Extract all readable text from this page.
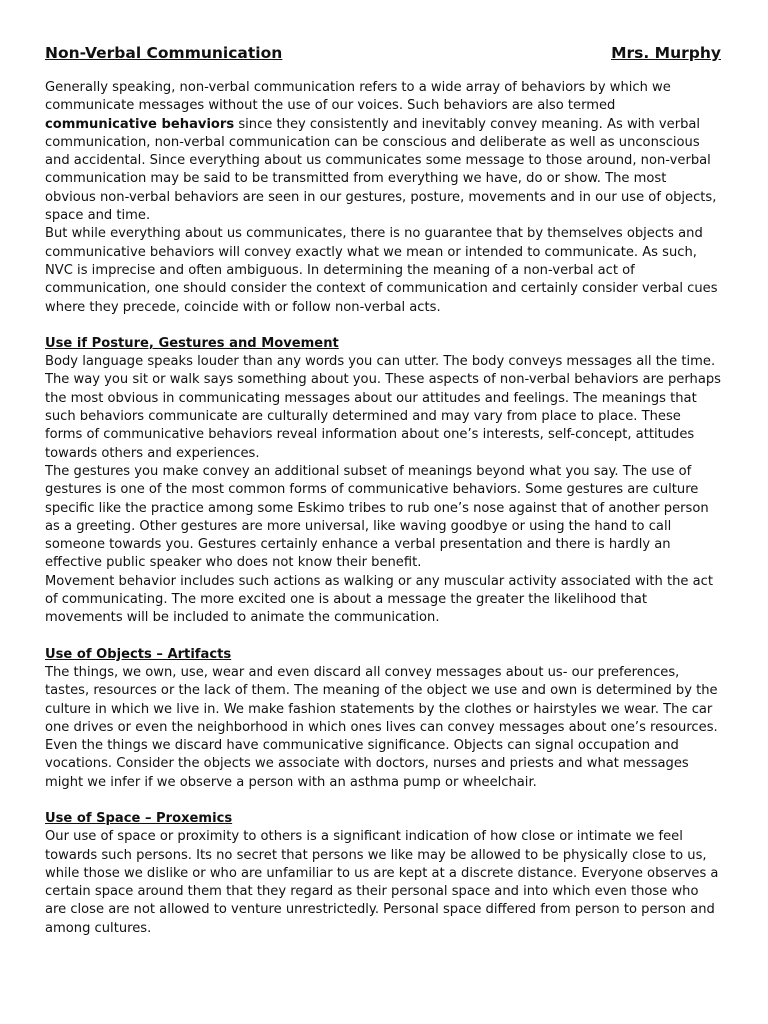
Non-Verbal Communication	Mrs. Murphy

Generally speaking, non-verbal communication refers to a wide array of behaviors by which we communicate messages without the use of our voices. Such behaviors are also termed communicative behaviors since they consistently and inevitably convey meaning. As with verbal communication, non-verbal communication can be conscious and deliberate as well as unconscious and accidental. Since everything about us communicates some message to those around, non-verbal communication may be said to be transmitted from everything we have, do or show. The most obvious non-verbal behaviors are seen in our gestures, posture, movements and in our use of objects, space and time.

But while everything about us communicates, there is no guarantee that by themselves objects and communicative behaviors will convey exactly what we mean or intended to communicate. As such, NVC is imprecise and often ambiguous. In determining the meaning of a non-verbal act of communication, one should consider the context of communication and certainly consider verbal cues where they precede, coincide with or follow non-verbal acts.

Use if Posture, Gestures and Movement

Body language speaks louder than any words you can utter. The body conveys messages all the time. The way you sit or walk says something about you. These aspects of non-verbal behaviors are perhaps the most obvious in communicating messages about our attitudes and feelings. The meanings that such behaviors communicate are culturally determined and may vary from place to place. These forms of communicative behaviors reveal information about one’s interests, self-concept, attitudes towards others and experiences.

The gestures you make convey an additional subset of meanings beyond what you say. The use of gestures is one of the most common forms of communicative behaviors. Some gestures are culture specific like the practice among some Eskimo tribes to rub one’s nose against that of another person as a greeting. Other gestures are more universal, like waving goodbye or using the hand to call someone towards you. Gestures certainly enhance a verbal presentation and there is hardly an effective public speaker who does not know their benefit.

Movement behavior includes such actions as walking or any muscular activity associated with the act of communicating. The more excited one is about a message the greater the likelihood that movements will be included to animate the communication.

Use of Objects – Artifacts

The things, we own, use, wear and even discard all convey messages about us- our preferences, tastes, resources or the lack of them. The meaning of the object we use and own is determined by the culture in which we live in. We make fashion statements by the clothes or hairstyles we wear. The car one drives or even the neighborhood in which ones lives can convey messages about one’s resources. Even the things we discard have communicative significance. Objects can signal occupation and vocations. Consider the objects we associate with doctors, nurses and priests and what messages might we infer if we observe a person with an asthma pump or wheelchair.

Use of Space – Proxemics

Our use of space or proximity to others is a significant indication of how close or intimate we feel towards such persons. Its no secret that persons we like may be allowed to be physically close to us, while those we dislike or who are unfamiliar to us are kept at a discrete distance. Everyone observes a certain space around them that they regard as their personal space and into which even those who are close are not allowed to venture unrestrictedly. Personal space differed from person to person and among cultures.
